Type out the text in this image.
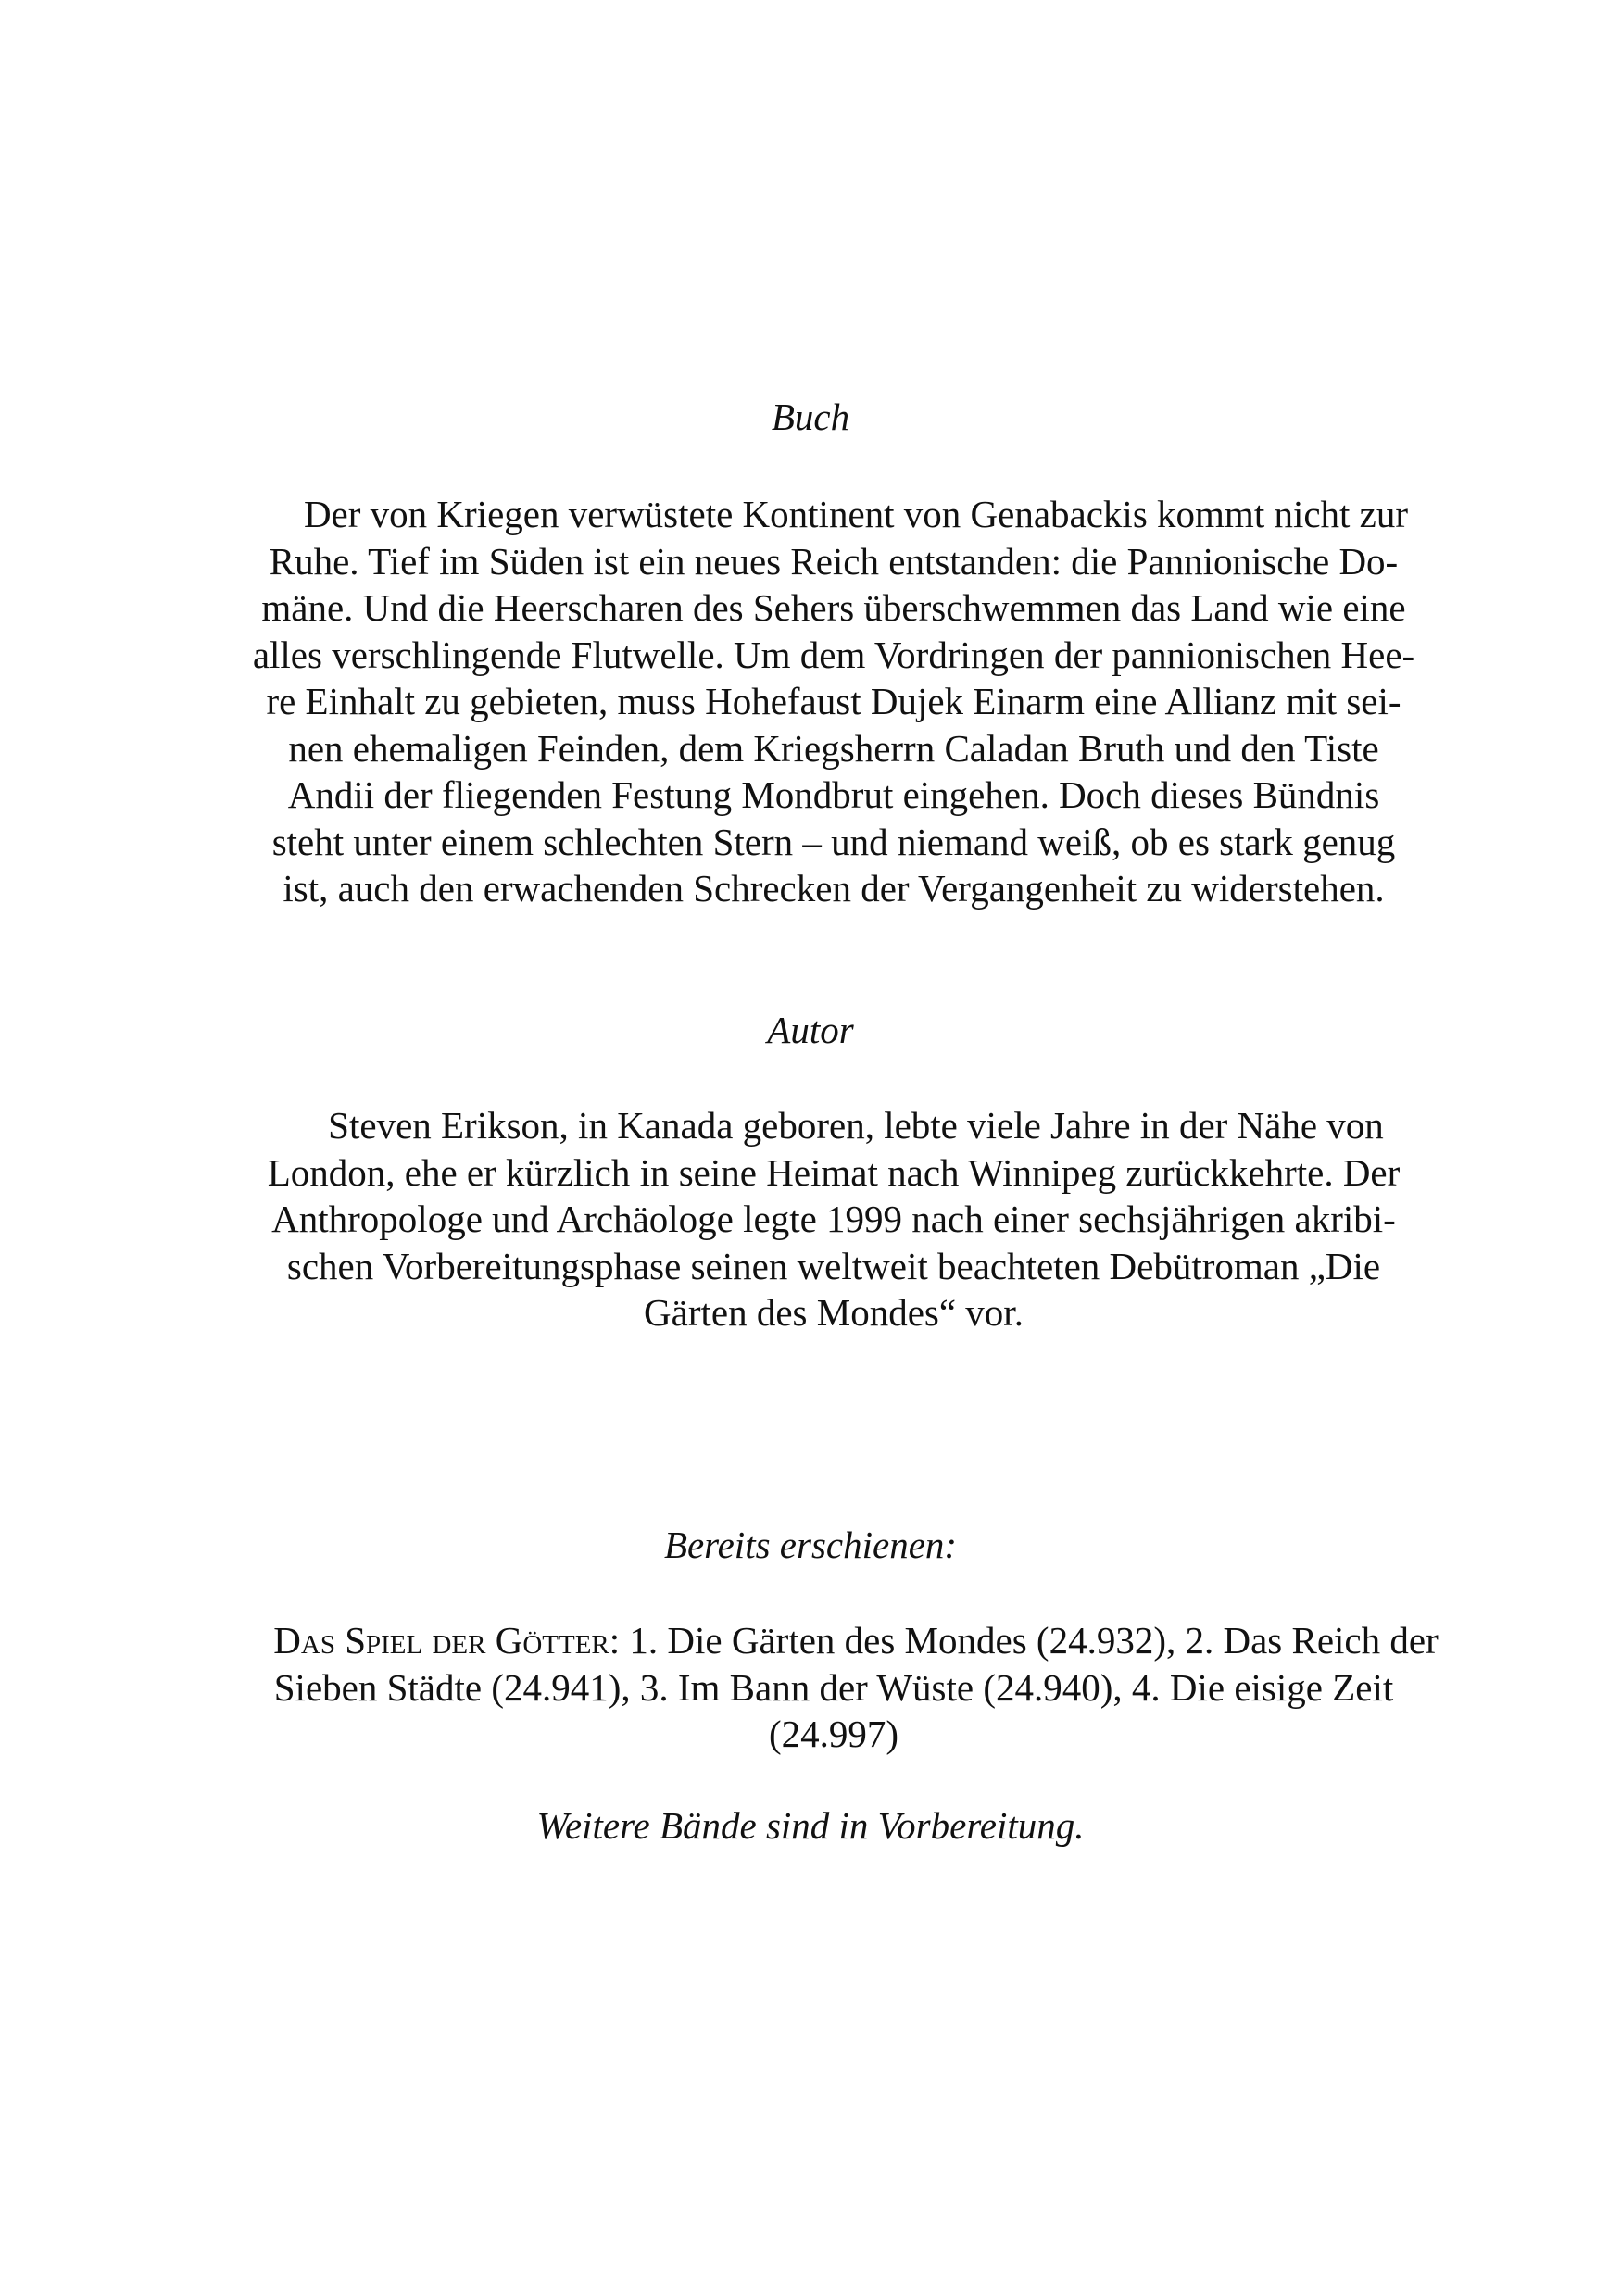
Buch
Der von Kriegen verwüstete Kontinent von Genabackis kommt nicht zur
Ruhe. Tief im Süden ist ein neues Reich entstanden: die Pannionische Do-
mäne. Und die Heerscharen des Sehers überschwemmen das Land wie eine
alles verschlingende Flutwelle. Um dem Vordringen der pannionischen Hee-
re Einhalt zu gebieten, muss Hohefaust Dujek Einarm eine Allianz mit sei-
nen ehemaligen Feinden, dem Kriegsherrn Caladan Bruth und den Tiste
Andii der fliegenden Festung Mondbrut eingehen. Doch dieses Bündnis
steht unter einem schlechten Stern – und niemand weiß, ob es stark genug
ist, auch den erwachenden Schrecken der Vergangenheit zu widerstehen.
Autor
Steven Erikson, in Kanada geboren, lebte viele Jahre in der Nähe von
London, ehe er kürzlich in seine Heimat nach Winnipeg zurückkehrte. Der
Anthropologe und Archäologe legte 1999 nach einer sechsjährigen akribi-
schen Vorbereitungsphase seinen weltweit beachteten Debütroman „Die
Gärten des Mondes“ vor.
Bereits erschienen:
Das Spiel der Götter: 1. Die Gärten des Mondes (24.932), 2. Das Reich der
Sieben Städte (24.941), 3. Im Bann der Wüste (24.940), 4. Die eisige Zeit
(24.997)
Weitere Bände sind in Vorbereitung.
